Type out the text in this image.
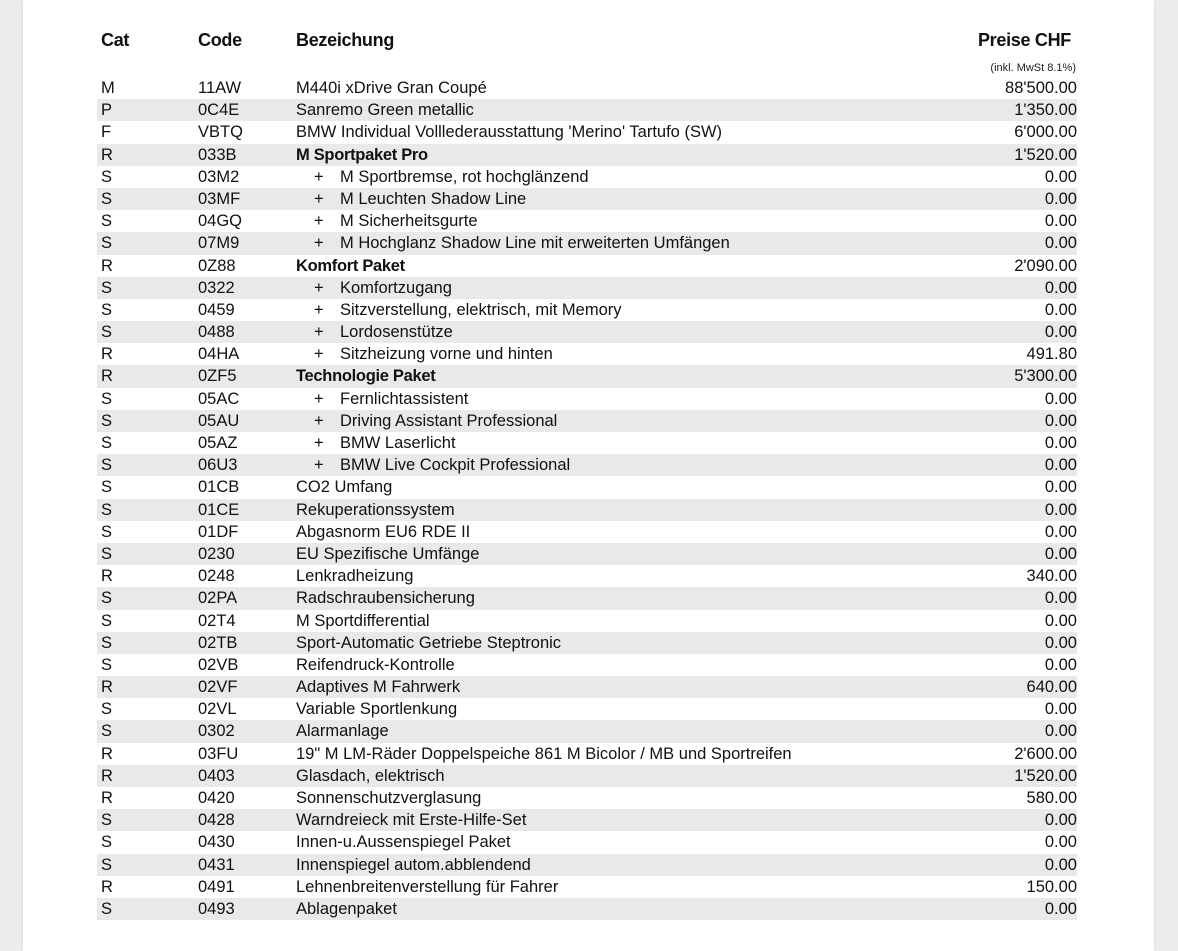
Cat	Code	Bezeichung	Preise CHF
(inkl. MwSt 8.1%)
M	11AW	M440i xDrive Gran Coupé	88'500.00
P	0C4E	Sanremo Green metallic	1'350.00
F	VBTQ	BMW Individual Volllederausstattung 'Merino' Tartufo (SW)	6'000.00
R	033B	M Sportpaket Pro	1'520.00
S	03M2	+ M Sportbremse, rot hochglänzend	0.00
S	03MF	+ M Leuchten Shadow Line	0.00
S	04GQ	+ M Sicherheitsgurte	0.00
S	07M9	+ M Hochglanz Shadow Line mit erweiterten Umfängen	0.00
R	0Z88	Komfort Paket	2'090.00
S	0322	+ Komfortzugang	0.00
S	0459	+ Sitzverstellung, elektrisch, mit Memory	0.00
S	0488	+ Lordosenstütze	0.00
R	04HA	+ Sitzheizung vorne und hinten	491.80
R	0ZF5	Technologie Paket	5'300.00
S	05AC	+ Fernlichtassistent	0.00
S	05AU	+ Driving Assistant Professional	0.00
S	05AZ	+ BMW Laserlicht	0.00
S	06U3	+ BMW Live Cockpit Professional	0.00
S	01CB	CO2 Umfang	0.00
S	01CE	Rekuperationssystem	0.00
S	01DF	Abgasnorm EU6 RDE II	0.00
S	0230	EU Spezifische Umfänge	0.00
R	0248	Lenkradheizung	340.00
S	02PA	Radschraubensicherung	0.00
S	02T4	M Sportdifferential	0.00
S	02TB	Sport-Automatic Getriebe Steptronic	0.00
S	02VB	Reifendruck-Kontrolle	0.00
R	02VF	Adaptives M Fahrwerk	640.00
S	02VL	Variable Sportlenkung	0.00
S	0302	Alarmanlage	0.00
R	03FU	19" M LM-Räder Doppelspeiche 861 M Bicolor / MB und Sportreifen	2'600.00
R	0403	Glasdach, elektrisch	1'520.00
R	0420	Sonnenschutzverglasung	580.00
S	0428	Warndreieck mit Erste-Hilfe-Set	0.00
S	0430	Innen-u.Aussenspiegel Paket	0.00
S	0431	Innenspiegel autom.abblendend	0.00
R	0491	Lehnenbreitenverstellung für Fahrer	150.00
S	0493	Ablagenpaket	0.00
